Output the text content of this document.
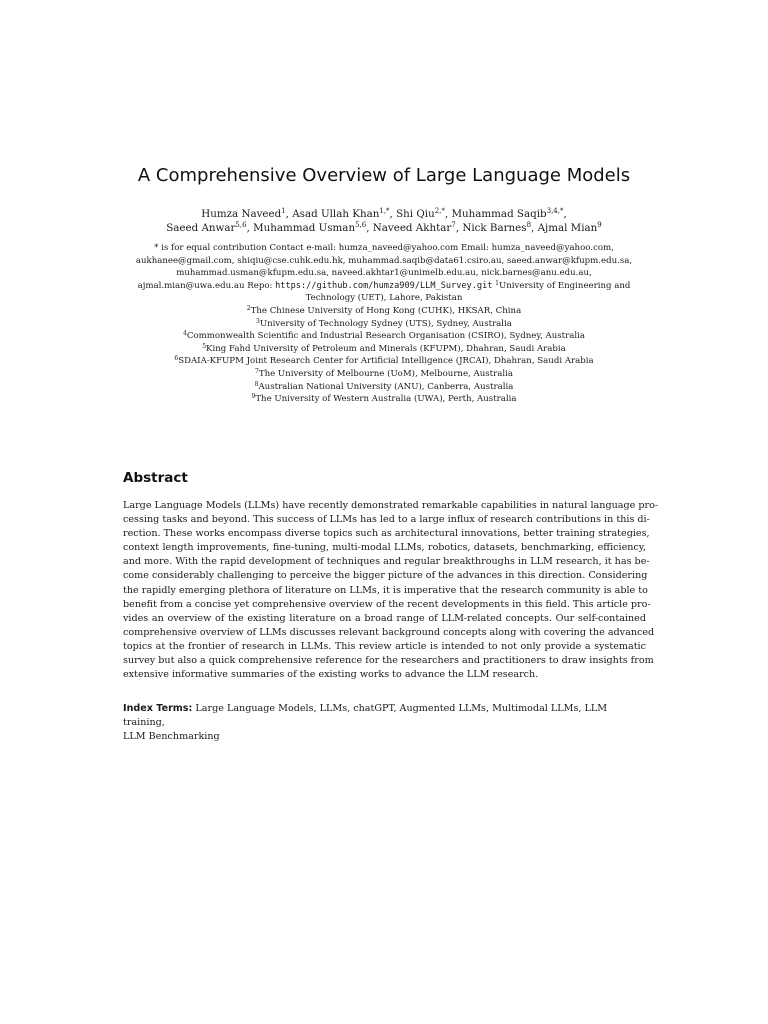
A Comprehensive Overview of Large Language Models
Humza Naveed$^1$, Asad Ullah Khan$^{1,*}$, Shi Qiu$^{2,*}$, Muhammad Saqib$^{3,4,*}$,
Saeed Anwar$^{5,6}$, Muhammad Usman$^{5,6}$, Naveed Akhtar$^7$, Nick Barnes$^8$, Ajmal Mian$^9$
* is for equal contribution Contact e-mail: humza_naveed@yahoo.com Email: humza_naveed@yahoo.com,
aukhanee@gmail.com, shiqiu@cse.cuhk.edu.hk, muhammad.saqib@data61.csiro.au, saeed.anwar@kfupm.edu.sa,
muhammad.usman@kfupm.edu.sa, naveed.akhtar1@unimelb.edu.au, nick.barnes@anu.edu.au,
ajmal.mian@uwa.edu.au Repo: https://github.com/humza909/LLM_Survey.git $^1$University of Engineering and
Technology (UET), Lahore, Pakistan
$^2$The Chinese University of Hong Kong (CUHK), HKSAR, China
$^3$University of Technology Sydney (UTS), Sydney, Australia
$^4$Commonwealth Scientific and Industrial Research Organisation (CSIRO), Sydney, Australia
$^5$King Fahd University of Petroleum and Minerals (KFUPM), Dhahran, Saudi Arabia
$^6$SDAIA-KFUPM Joint Research Center for Artificial Intelligence (JRCAI), Dhahran, Saudi Arabia
$^7$The University of Melbourne (UoM), Melbourne, Australia
$^8$Australian National University (ANU), Canberra, Australia
$^9$The University of Western Australia (UWA), Perth, Australia
Abstract
Large Language Models (LLMs) have recently demonstrated remarkable capabilities in natural language pro-
cessing tasks and beyond. This success of LLMs has led to a large influx of research contributions in this di-
rection. These works encompass diverse topics such as architectural innovations, better training strategies,
context length improvements, fine-tuning, multi-modal LLMs, robotics, datasets, benchmarking, efficiency,
and more. With the rapid development of techniques and regular breakthroughs in LLM research, it has be-
come considerably challenging to perceive the bigger picture of the advances in this direction. Considering
the rapidly emerging plethora of literature on LLMs, it is imperative that the research community is able to
benefit from a concise yet comprehensive overview of the recent developments in this field. This article pro-
vides an overview of the existing literature on a broad range of LLM-related concepts. Our self-contained
comprehensive overview of LLMs discusses relevant background concepts along with covering the advanced
topics at the frontier of research in LLMs. This review article is intended to not only provide a systematic
survey but also a quick comprehensive reference for the researchers and practitioners to draw insights from
extensive informative summaries of the existing works to advance the LLM research.
Index Terms: Large Language Models, LLMs, chatGPT, Augmented LLMs, Multimodal LLMs, LLM training,
LLM Benchmarking
